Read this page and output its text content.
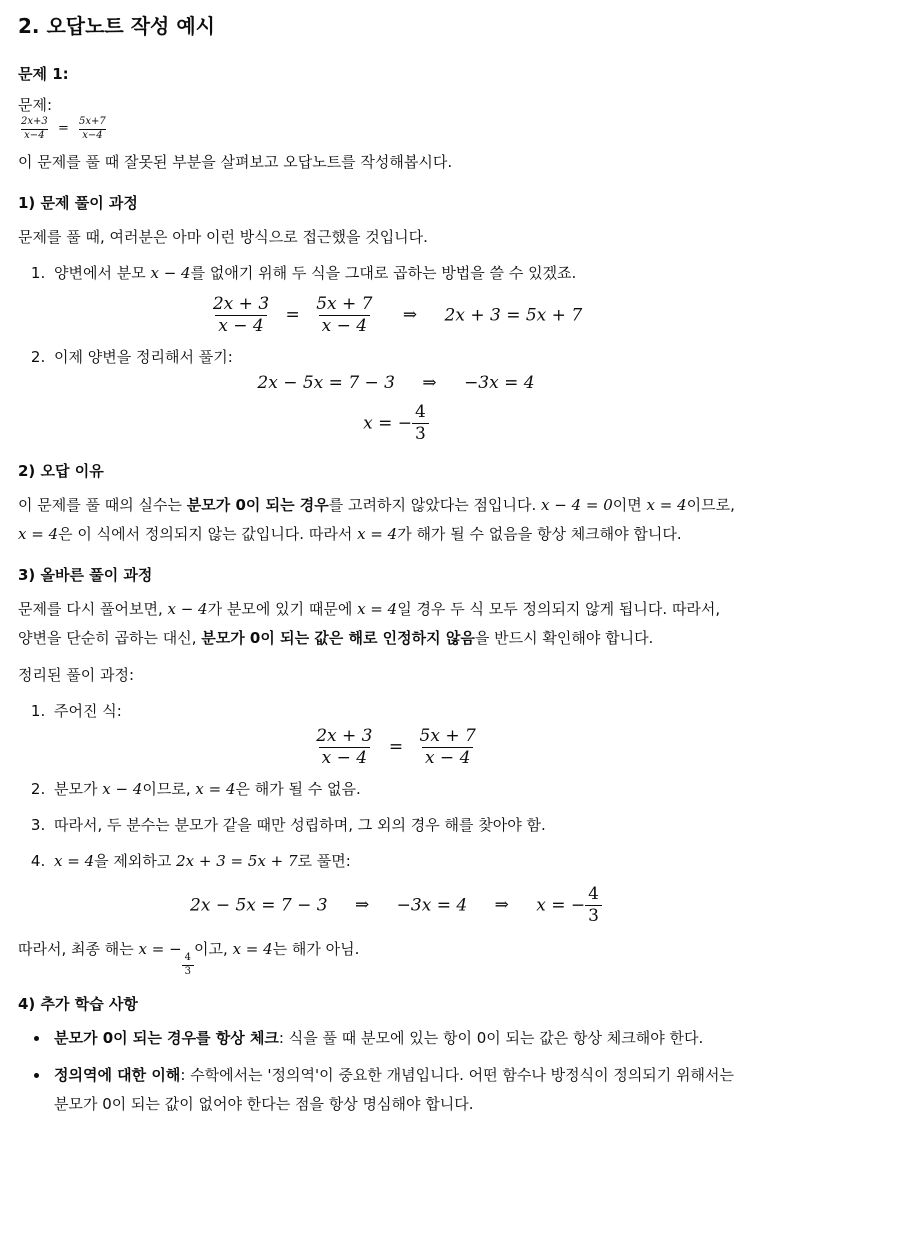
2. 오답노트 작성 예시
문제 1:

문제:

$\frac{2x+3}{x-4} = \frac{5x+7}{x-4}$

이 문제를 풀 때 잘못된 부분을 살펴보고 오답노트를 작성해봅시다.

1) 문제 풀이 과정

문제를 풀 때, 여러분은 아마 이런 방식으로 접근했을 것입니다.

1. 양변에서 분모 x − 4를 없애기 위해 두 식을 그대로 곱하는 방법을 쓸 수 있겠죠.
$\frac{2x + 3}{x - 4} = \frac{5x + 7}{x - 4}$ ⇒ 2x + 3 = 5x + 7
2. 이제 양변을 정리해서 풀기:
2x − 5x = 7 − 3 ⇒ −3x = 4
x = − $\frac{4}{3}$
2) 오답 이유

이 문제를 풀 때의 실수는 분모가 0이 되는 경우를 고려하지 않았다는 점입니다. x − 4 = 0이면 x = 4이므로, x = 4은 이 식에서 정의되지 않는 값입니다. 따라서 x = 4가 해가 될 수 없음을 항상 체크해야 합니다.

3) 올바른 풀이 과정

문제를 다시 풀어보면, x − 4가 분모에 있기 때문에 x = 4일 경우 두 식 모두 정의되지 않게 됩니다. 따라서, 양변을 단순히 곱하는 대신, 분모가 0이 되는 값은 해로 인정하지 않음을 반드시 확인해야 합니다.

정리된 풀이 과정:

1. 주어진 식:
$\frac{2x + 3}{x - 4} = \frac{5x + 7}{x - 4}$
2. 분모가 x − 4이므로, x = 4은 해가 될 수 없음.
3. 따라서, 두 분수는 분모가 같을 때만 성립하며, 그 외의 경우 해를 찾아야 함.
4. x = 4을 제외하고 2x + 3 = 5x + 7로 풀면:
2x − 5x = 7 − 3 ⇒ −3x = 4 ⇒ x = − $\frac{4}{3}$

따라서, 최종 해는 x = −
$\frac{4}{3}$
이고, x = 4는 해가 아님.

4) 추가 학습 사항
• 분모가 0이 되는 경우를 항상 체크: 식을 풀 때 분모에 있는 항이 0이 되는 값은 항상 체크해야 한다.
• 정의역에 대한 이해: 수학에서는 '정의역'이 중요한 개념입니다. 어떤 함수나 방정식이 정의되기 위해서는 분모가 0이 되는 값이 없어야 한다는 점을 항상 명심해야 합니다.
